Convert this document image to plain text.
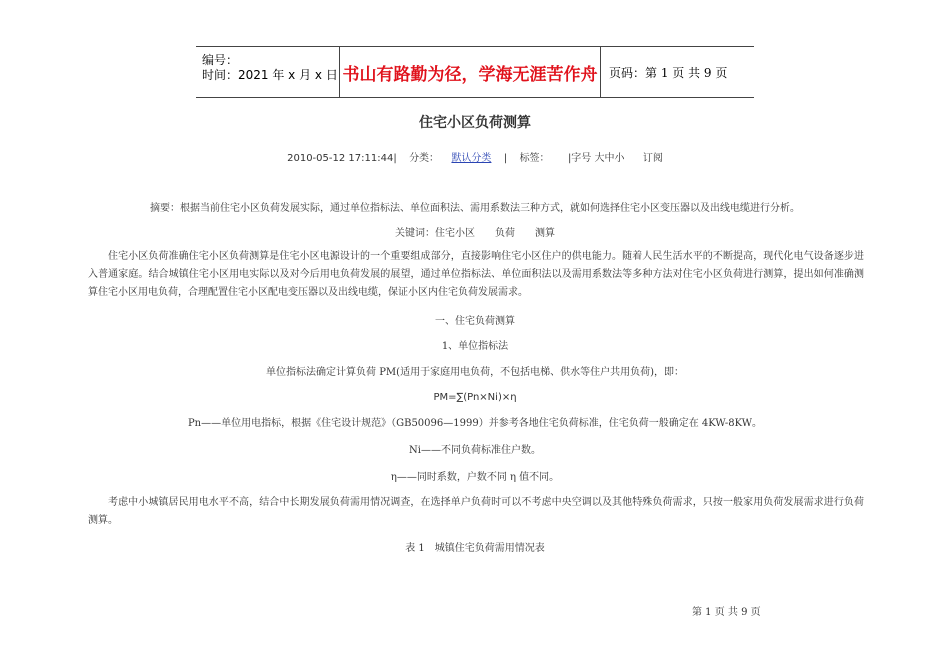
编号：
时间：2021 年 x 月 x 日 书山有路勤为径，学海无涯苦作舟 页码：第 1 页 共 9 页
住宅小区负荷测算
2010-05-12 17:11:44| 分类： 默认分类 | 标签： |字号 大中小 订阅
摘要：根据当前住宅小区负荷发展实际，通过单位指标法、单位面积法、需用系数法三种方式，就如何选择住宅小区变压器以及出线电缆进行分析。
关键词：住宅小区　　负荷　　测算
住宅小区负荷准确住宅小区负荷测算是住宅小区电源设计的一个重要组成部分，直接影响住宅小区住户的供电能力。随着人民生活水平的不断提高，现代化电气设备逐步进入普通家庭。结合城镇住宅小区用电实际以及对今后用电负荷发展的展望，通过单位指标法、单位面积法以及需用系数法等多种方法对住宅小区负荷进行测算，提出如何准确测算住宅小区用电负荷，合理配置住宅小区配电变压器以及出线电缆，保证小区内住宅负荷发展需求。
一、住宅负荷测算
1、单位指标法
单位指标法确定计算负荷 PM(适用于家庭用电负荷，不包括电梯、供水等住户共用负荷)，即：
PM=∑(Pn×Ni)×η
Pn——单位用电指标，根据《住宅设计规范》（GB50096—1999）并参考各地住宅负荷标准，住宅负荷一般确定在 4KW-8KW。
Ni——不同负荷标准住户数。
η——同时系数，户数不同 η 值不同。
考虑中小城镇居民用电水平不高，结合中长期发展负荷需用情况调查，在选择单户负荷时可以不考虑中央空调以及其他特殊负荷需求，只按一般家用负荷发展需求进行负荷测算。
表 1　城镇住宅负荷需用情况表
第 1 页 共 9 页
